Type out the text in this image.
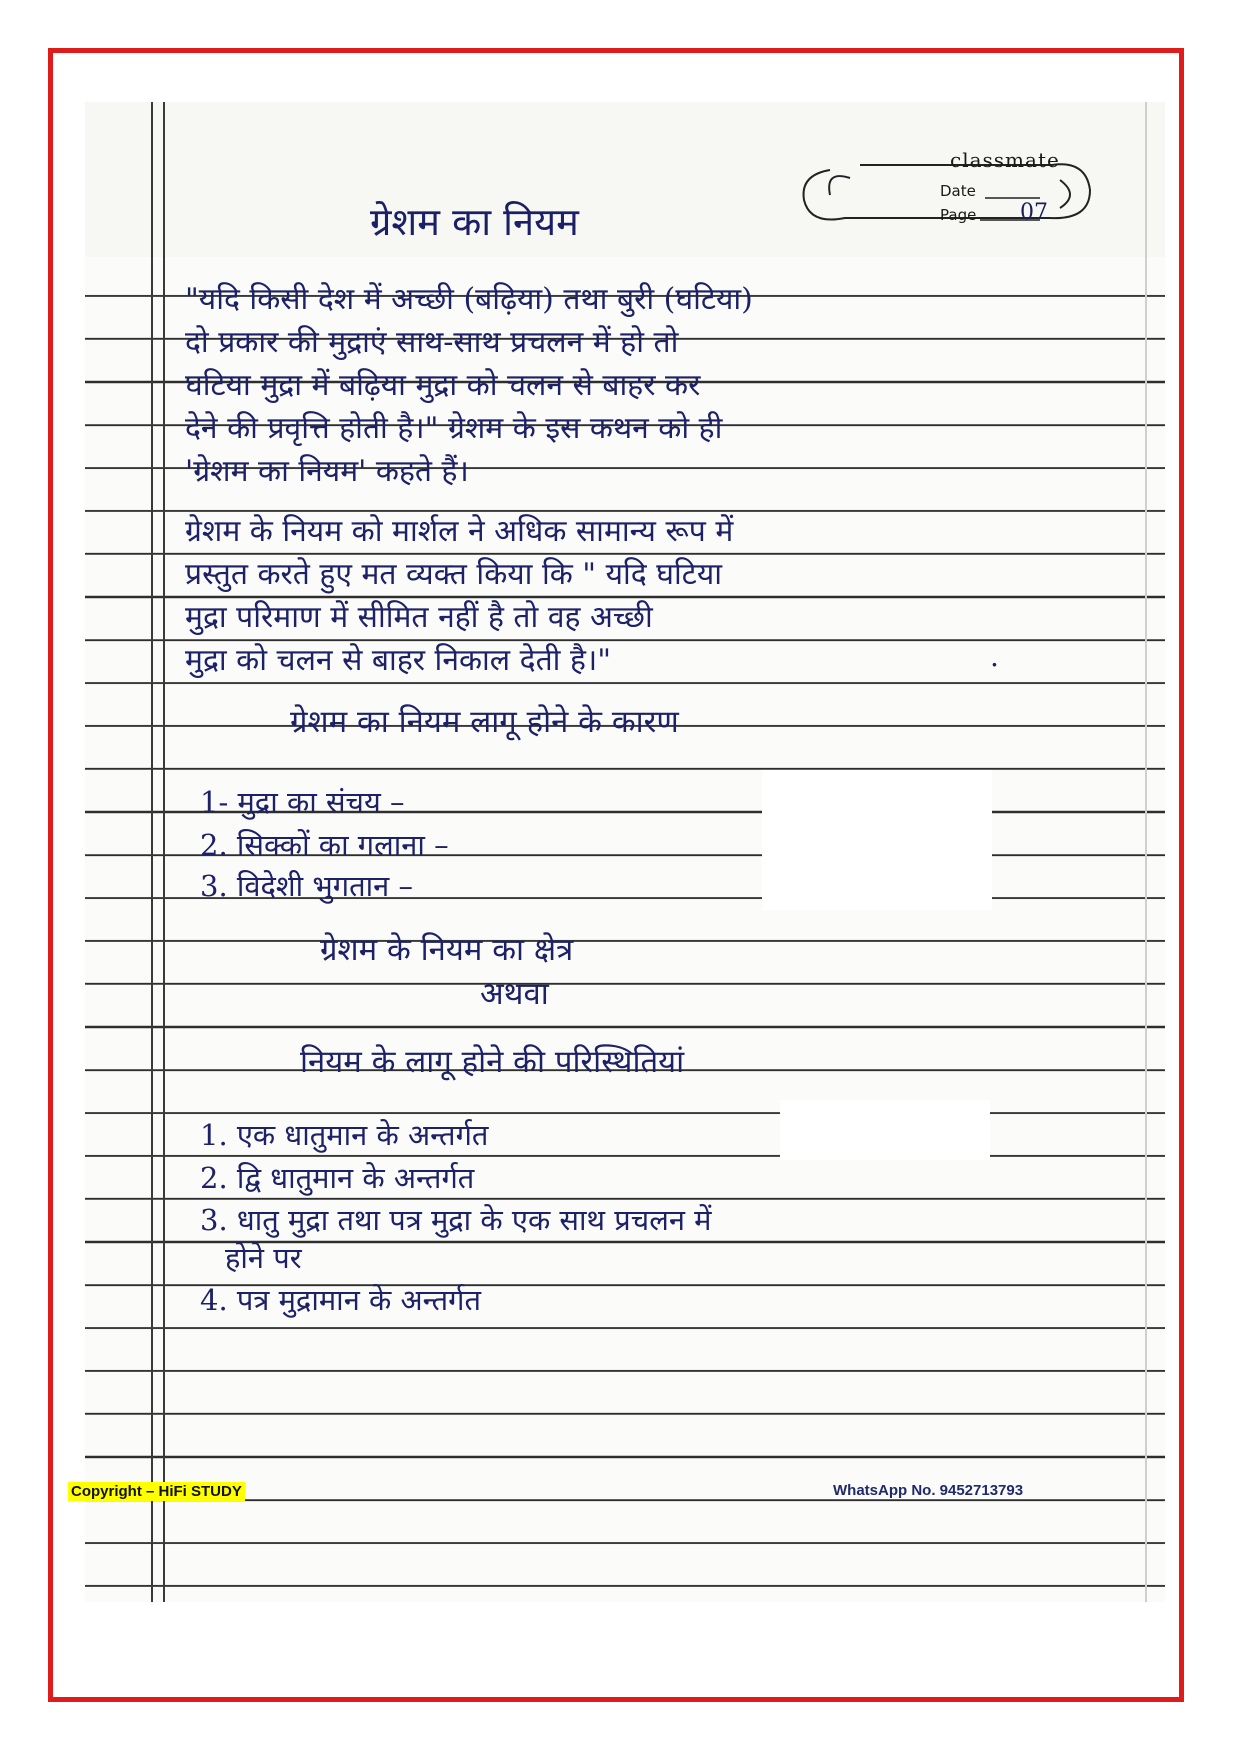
classmate
Date
Page 07
ग्रेशम का नियम
"यदि किसी देश में अच्छी (बढ़िया) तथा बुरी (घटिया)
दो प्रकार की मुद्राएं साथ-साथ प्रचलन में हो तो
घटिया मुद्रा में बढ़िया मुद्रा को चलन से बाहर कर
देने की प्रवृत्ति होती है।" ग्रेशम के इस कथन को ही
'ग्रेशम का नियम' कहते हैं।
ग्रेशम के नियम को मार्शल ने अधिक सामान्य रूप में
प्रस्तुत करते हुए मत व्यक्त किया कि " यदि घटिया
मुद्रा परिमाण में सीमित नहीं है तो वह अच्छी
मुद्रा को चलन से बाहर निकाल देती है।"	.
ग्रेशम का नियम लागू होने के कारण
1- मुद्रा का संचय –
2. सिक्कों का गलाना –
3. विदेशी भुगतान –
ग्रेशम के नियम का क्षेत्र
अथवा
नियम के लागू होने की परिस्थितियां
1. एक धातुमान के अन्तर्गत
2. द्वि धातुमान के अन्तर्गत
3. धातु मुद्रा तथा पत्र मुद्रा के एक साथ प्रचलन में
होने पर
4. पत्र मुद्रामान के अन्तर्गत
Copyright – HiFi STUDY	WhatsApp No. 9452713793
